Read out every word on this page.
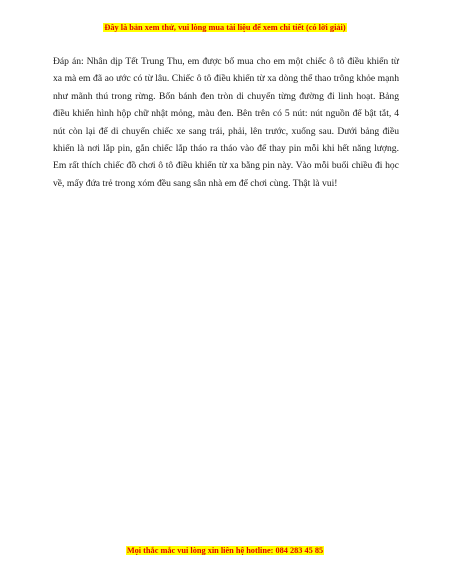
Đây là bản xem thử, vui lòng mua tài liệu để xem chi tiết (có lời giải)

Đáp án: Nhân dịp Tết Trung Thu, em được bố mua cho em một chiếc ô tô điều khiển từ xa mà em đã ao ước có từ lâu. Chiếc ô tô điều khiển từ xa dòng thể thao trông khỏe mạnh như mãnh thú trong rừng. Bốn bánh đen tròn di chuyển từng đường đi linh hoạt. Bảng điều khiển hình hộp chữ nhật mỏng, màu đen. Bên trên có 5 nút: nút nguồn để bật tắt, 4 nút còn lại để di chuyển chiếc xe sang trái, phải, lên trước, xuống sau. Dưới bảng điều khiển là nơi lắp pin, gắn chiếc lắp tháo ra tháo vào để thay pin mỗi khi hết năng lượng. Em rất thích chiếc đồ chơi ô tô điều khiển từ xa bằng pin này. Vào mỗi buổi chiều đi học về, mấy đứa trẻ trong xóm đều sang sân nhà em để chơi cùng. Thật là vui!

Mọi thắc mắc vui lòng xin liên hệ hotline: 084 283 45 85
